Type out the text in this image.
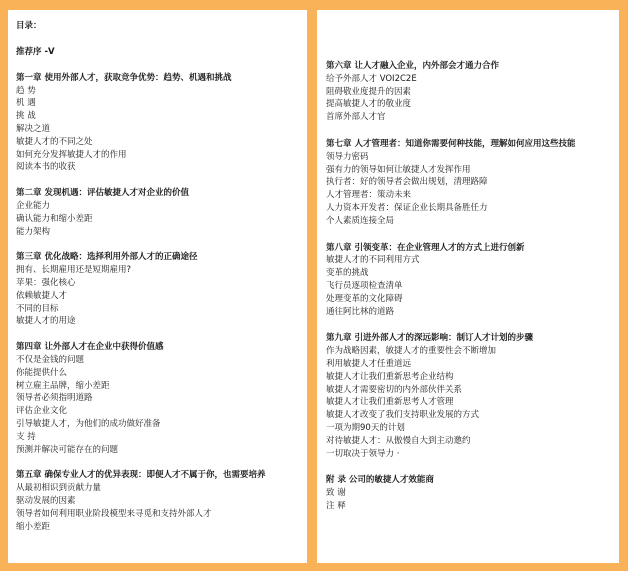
目录：
推荐序 -V
第一章 使用外部人才，获取竞争优势：趋势、机遇和挑战
趋 势
机 遇
挑 战
解决之道
敏捷人才的不同之处
如何充分发挥敏捷人才的作用
阅读本书的收获
第二章 发现机遇：评估敏捷人才对企业的价值
企业能力
确认能力和缩小差距
能力架构
第三章 优化战略：选择利用外部人才的正确途径
拥有、长期雇用还是短期雇用?
苹果：强化核心
依赖敏捷人才
不同的目标
敏捷人才的用途
第四章 让外部人才在企业中获得价值感
不仅是金钱的问题
你能提供什么
树立雇主品牌，缩小差距
领导者必须指明道路
评估企业文化
引导敏捷人才，为他们的成功做好准备
支 持
预测并解决可能存在的问题
第五章 确保专业人才的优异表现：即便人才不属于你，也需要培养
从最初相识到贡献力量
驱动发展的因素
领导者如何利用职业阶段模型来寻觅和支持外部人才
缩小差距
第六章 让人才融入企业，内外部会才通力合作
给予外部人才 VOI2C2E
阻碍敬业度提升的因素
提高敏捷人才的敬业度
首席外部人才官
第七章 人才管理者：知道你需要何种技能，理解如何应用这些技能
领导力密码
强有力的领导如何让敏捷人才发挥作用
执行者：好的领导者会做出规划，清理路障
人才管理者：策动未来
人力资本开发者：保证企业长期具备胜任力
个人素质连接全局
第八章 引领变革：在企业管理人才的方式上进行创新
敏捷人才的不同利用方式
变革的挑战
飞行员逐项检查清单
处理变革的文化障碍
通往阿比林的道路
第九章 引进外部人才的深远影响：制订人才计划的步骤
作为战略因素，敏捷人才的重要性会不断增加
利用敏捷人才任重道远
敏捷人才让我们重新思考企业结构
敏捷人才需要密切的内外部伙伴关系
敏捷人才让我们重新思考人才管理
敏捷人才改变了我们支持职业发展的方式
一项为期90天的计划
对待敏捷人才：从傲慢自大到主动邀约
一切取决于领导力 ·
附 录 公司的敏捷人才效能商
致 谢
注 释
